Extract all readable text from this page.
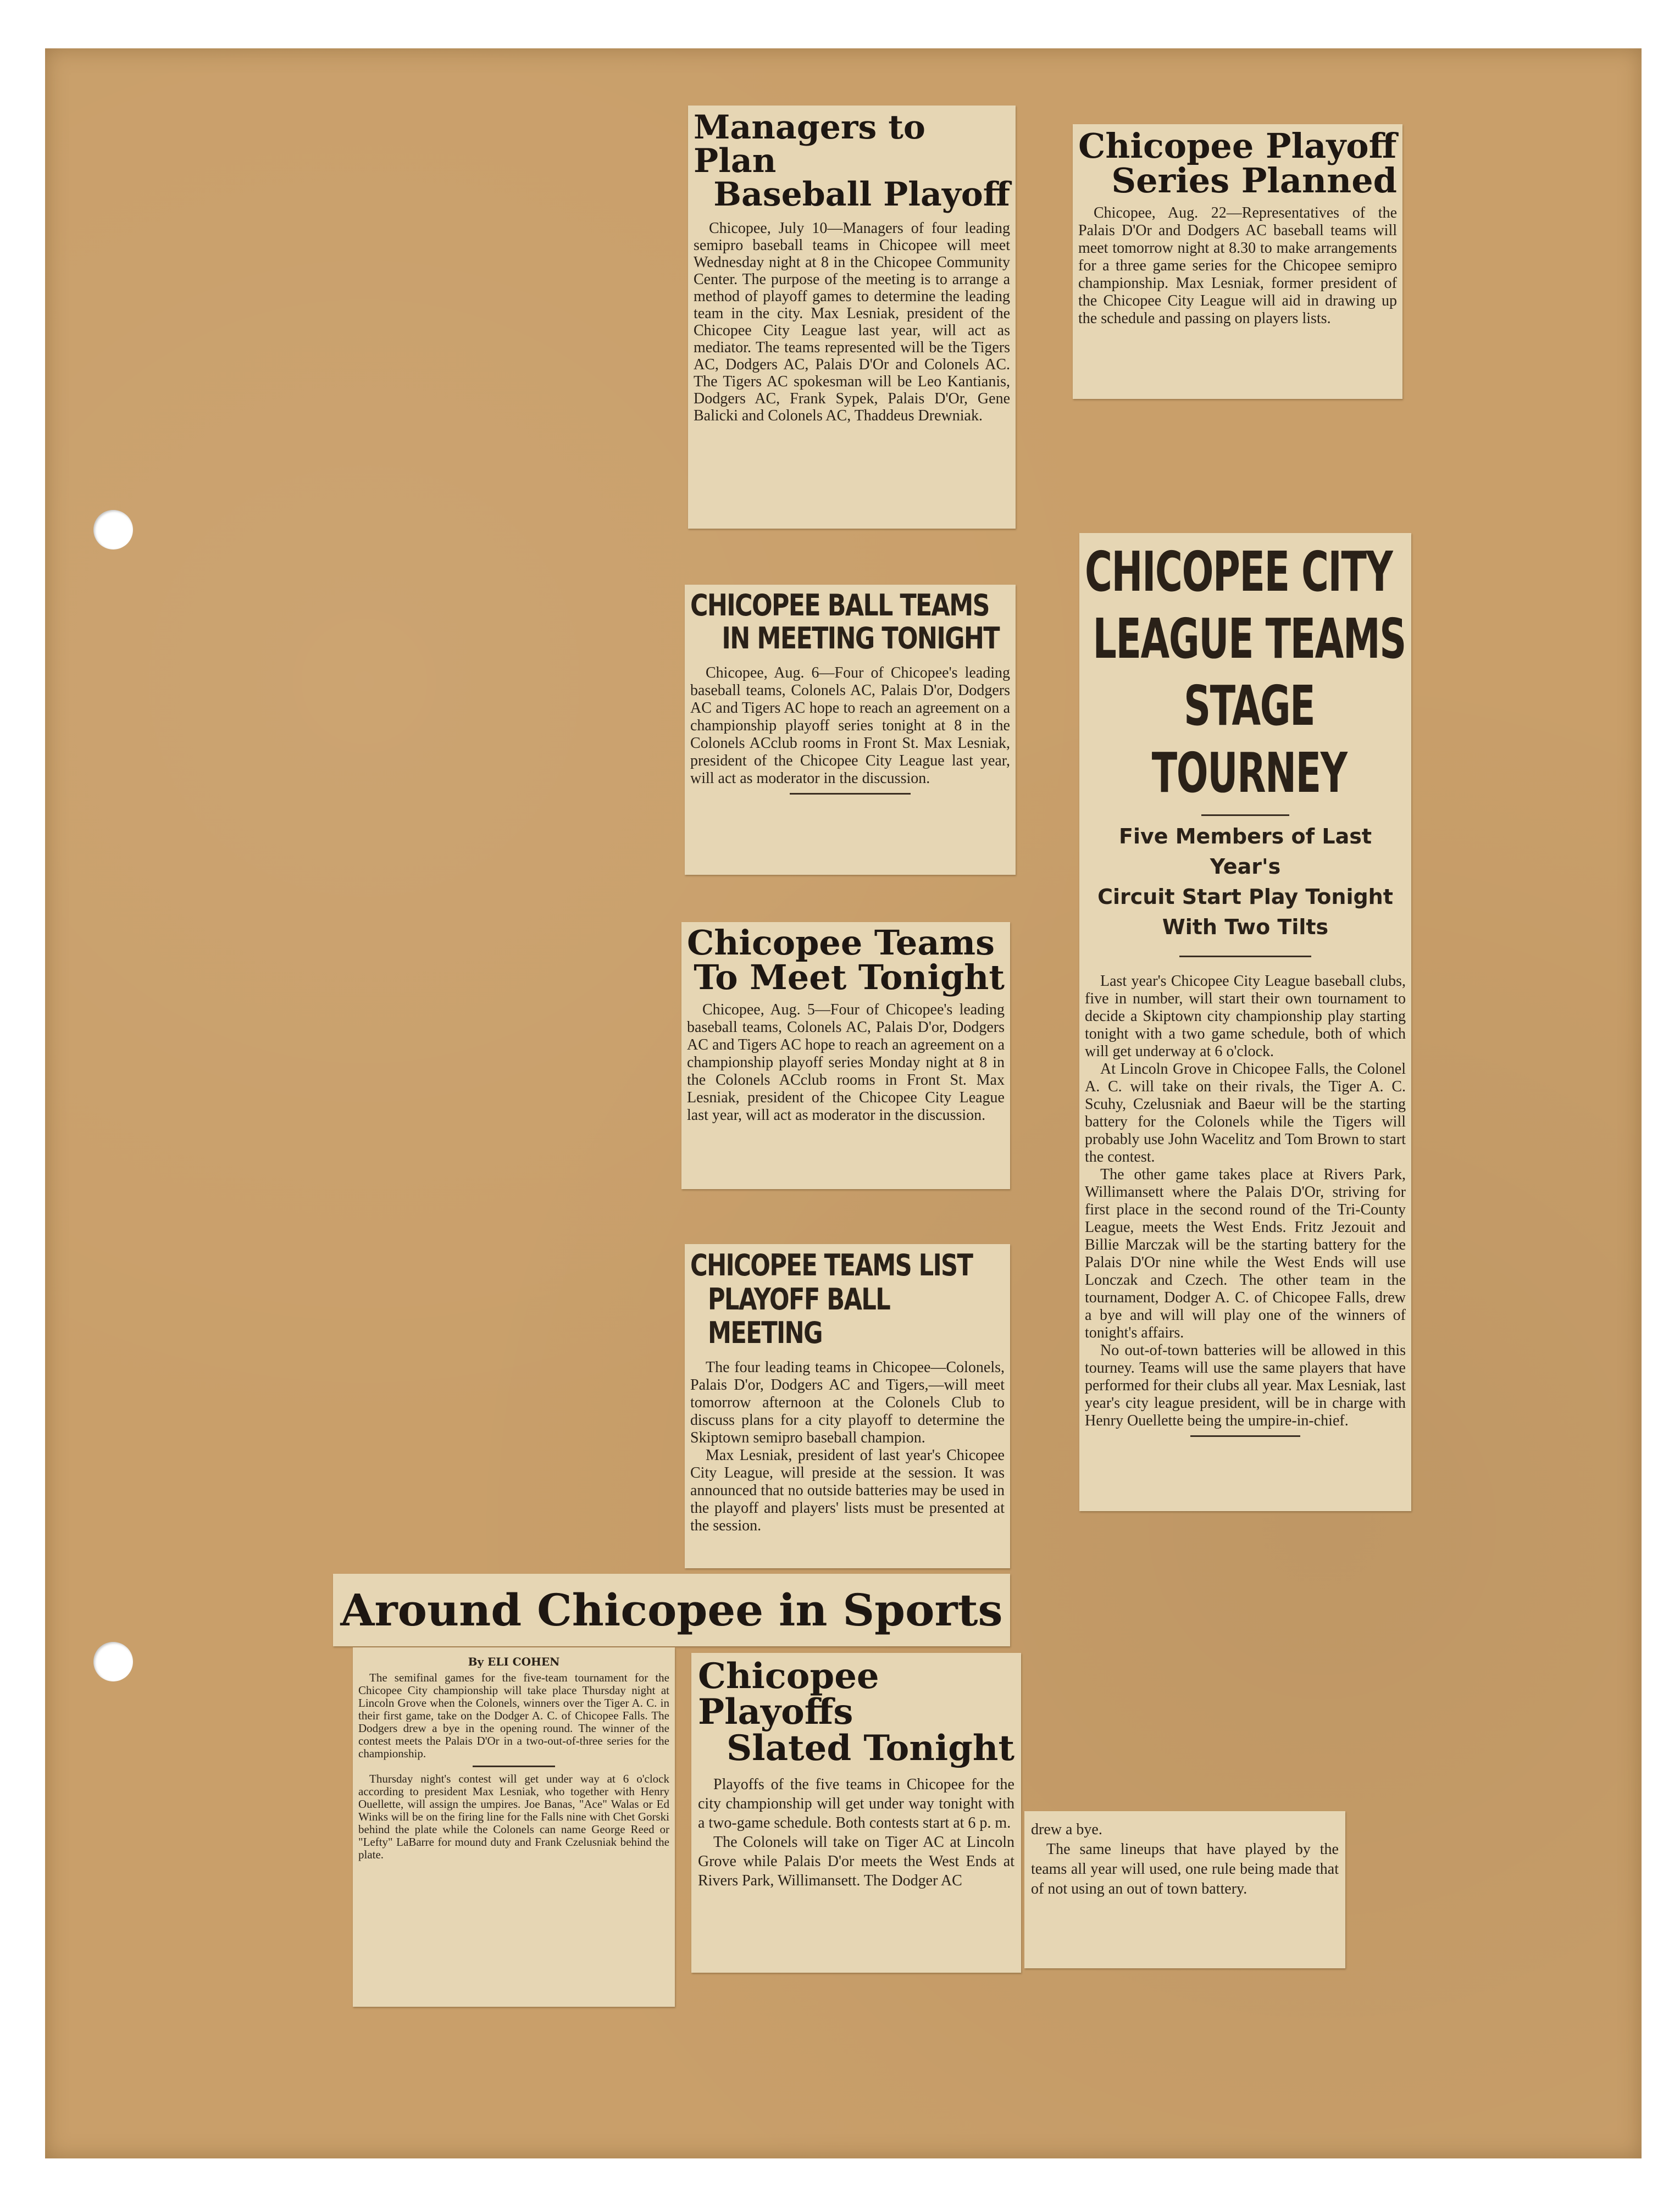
Managers to Plan
Baseball Playoff

Chicopee, July 10—Managers of four leading semipro baseball teams in Chicopee will meet Wednesday night at 8 in the Chicopee Community Center. The purpose of the meeting is to arrange a method of playoff games to determine the leading team in the city. Max Lesniak, president of the Chicopee City League last year, will act as mediator. The teams represented will be the Tigers AC, Dodgers AC, Palais D'Or and Colonels AC. The Tigers AC spokesman will be Leo Kantianis, Dodgers AC, Frank Sypek, Palais D'Or, Gene Balicki and Colonels AC, Thaddeus Drewniak.

Chicopee Playoff
Series Planned

Chicopee, Aug. 22—Representatives of the Palais D'Or and Dodgers AC baseball teams will meet tomorrow night at 8.30 to make arrangements for a three game series for the Chicopee semipro championship. Max Lesniak, former president of the Chicopee City League will aid in drawing up the schedule and passing on players lists.

CHICOPEE BALL TEAMS
IN MEETING TONIGHT

Chicopee, Aug. 6—Four of Chicopee's leading baseball teams, Colonels AC, Palais D'or, Dodgers AC and Tigers AC hope to reach an agreement on a championship playoff series tonight at 8 in the Colonels ACclub rooms in Front St. Max Lesniak, president of the Chicopee City League last year, will act as moderator in the discussion.

CHICOPEE CITY
LEAGUE TEAMS
STAGE TOURNEY
Five Members of Last Year's
Circuit Start Play Tonight
With Two Tilts

Last year's Chicopee City League baseball clubs, five in number, will start their own tournament to decide a Skiptown city championship play starting tonight with a two game schedule, both of which will get underway at 6 o'clock.

At Lincoln Grove in Chicopee Falls, the Colonel A. C. will take on their rivals, the Tiger A. C. Scuhy, Czelusniak and Baeur will be the starting battery for the Colonels while the Tigers will probably use John Wacelitz and Tom Brown to start the contest.

The other game takes place at Rivers Park, Willimansett where the Palais D'Or, striving for first place in the second round of the Tri-County League, meets the West Ends. Fritz Jezouit and Billie Marczak will be the starting battery for the Palais D'Or nine while the West Ends will use Lonczak and Czech. The other team in the tournament, Dodger A. C. of Chicopee Falls, drew a bye and will will play one of the winners of tonight's affairs.

No out-of-town batteries will be allowed in this tourney. Teams will use the same players that have performed for their clubs all year. Max Lesniak, last year's city league president, will be in charge with Henry Ouellette being the umpire-in-chief.

Chicopee Teams
To Meet Tonight

Chicopee, Aug. 5—Four of Chicopee's leading baseball teams, Colonels AC, Palais D'or, Dodgers AC and Tigers AC hope to reach an agreement on a championship playoff series Monday night at 8 in the Colonels ACclub rooms in Front St. Max Lesniak, president of the Chicopee City League last year, will act as moderator in the discussion.

CHICOPEE TEAMS LIST
PLAYOFF BALL MEETING

The four leading teams in Chicopee—Colonels, Palais D'or, Dodgers AC and Tigers,—will meet tomorrow afternoon at the Colonels Club to discuss plans for a city playoff to determine the Skiptown semipro baseball champion.

Max Lesniak, president of last year's Chicopee City League, will preside at the session. It was announced that no outside batteries may be used in the playoff and players' lists must be presented at the session.

Around Chicopee in Sports
By ELI COHEN

The semifinal games for the five-team tournament for the Chicopee City championship will take place Thursday night at Lincoln Grove when the Colonels, winners over the Tiger A. C. in their first game, take on the Dodger A. C. of Chicopee Falls. The Dodgers drew a bye in the opening round. The winner of the contest meets the Palais D'Or in a two-out-of-three series for the championship.

Thursday night's contest will get under way at 6 o'clock according to president Max Lesniak, who together with Henry Ouellette, will assign the umpires. Joe Banas, "Ace" Walas or Ed Winks will be on the firing line for the Falls nine with Chet Gorski behind the plate while the Colonels can name George Reed or "Lefty" LaBarre for mound duty and Frank Czelusniak behind the plate.

Chicopee Playoffs
Slated Tonight

Playoffs of the five teams in Chicopee for the city championship will get under way tonight with a two-game schedule. Both contests start at 6 p. m.

The Colonels will take on Tiger AC at Lincoln Grove while Palais D'or meets the West Ends at Rivers Park, Willimansett. The Dodger AC

drew a bye.

The same lineups that have played by the teams all year will used, one rule being made that of not using an out of town battery.
